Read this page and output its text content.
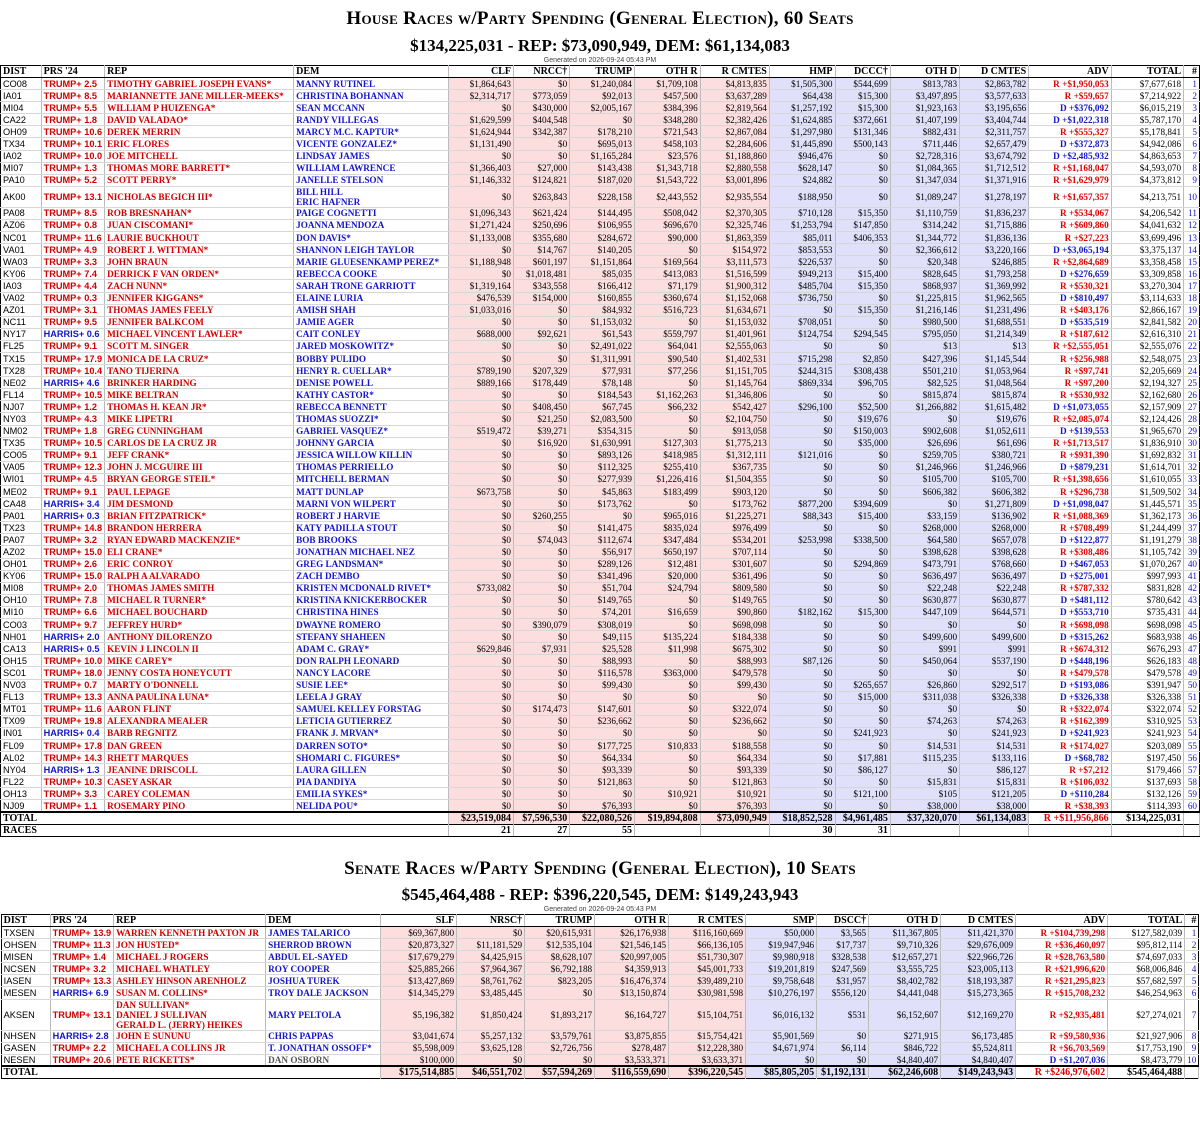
House Races w/Party Spending (General Election), 60 Seats
$134,225,031 - REP: $73,090,949, DEM: $61,134,083
Generated on 2026-09-24 05:43 PM
DIST	PRS '24	REP	DEM	CLF	NRCC†	TRUMP	OTH R	R CMTES	HMP	DCCC†	OTH D	D CMTES	ADV	TOTAL	#
CO08	TRUMP+ 2.5	TIMOTHY GABRIEL JOSEPH EVANS*	MANNY RUTINEL	$1,864,643	$0	$1,240,084	$1,709,108	$4,813,835	$1,505,300	$544,699	$813,783	$2,863,782	R +$1,950,053	$7,677,618	1
IA01	TRUMP+ 8.5	MARIANNETTE JANE MILLER-MEEKS*	CHRISTINA BOHANNAN	$2,314,717	$773,059	$92,013	$457,500	$3,637,289	$64,438	$15,300	$3,497,895	$3,577,633	R +$59,657	$7,214,922	2
MI04	TRUMP+ 5.5	WILLIAM P HUIZENGA*	SEAN MCCANN	$0	$430,000	$2,005,167	$384,396	$2,819,564	$1,257,192	$15,300	$1,923,163	$3,195,656	D +$376,092	$6,015,219	3
CA22	TRUMP+ 1.8	DAVID VALADAO*	RANDY VILLEGAS	$1,629,599	$404,548	$0	$348,280	$2,382,426	$1,624,885	$372,661	$1,407,199	$3,404,744	D +$1,022,318	$5,787,170	4
OH09	TRUMP+ 10.6	DEREK MERRIN	MARCY M.C. KAPTUR*	$1,624,944	$342,387	$178,210	$721,543	$2,867,084	$1,297,980	$131,346	$882,431	$2,311,757	R +$555,327	$5,178,841	5
TX34	TRUMP+ 10.1	ERIC FLORES	VICENTE GONZALEZ*	$1,131,490	$0	$695,013	$458,103	$2,284,606	$1,445,890	$500,143	$711,446	$2,657,479	D +$372,873	$4,942,086	6
IA02	TRUMP+ 10.0	JOE MITCHELL	LINDSAY JAMES	$0	$0	$1,165,284	$23,576	$1,188,860	$946,476	$0	$2,728,316	$3,674,792	D +$2,485,932	$4,863,653	7
MI07	TRUMP+ 1.3	THOMAS MORE BARRETT*	WILLIAM LAWRENCE	$1,366,403	$27,000	$143,438	$1,343,718	$2,880,558	$628,147	$0	$1,084,365	$1,712,512	R +$1,168,047	$4,593,070	8
PA10	TRUMP+ 5.2	SCOTT PERRY*	JANELLE STELSON	$1,146,332	$124,821	$187,020	$1,543,722	$3,001,896	$24,882	$0	$1,347,034	$1,371,916	R +$1,629,979	$4,373,812	9
AK00	TRUMP+ 13.1	NICHOLAS BEGICH III*	BILL HILL
ERIC HAFNER	$0	$263,843	$228,158	$2,443,552	$2,935,554	$188,950	$0	$1,089,247	$1,278,197	R +$1,657,357	$4,213,751	10
PA08	TRUMP+ 8.5	ROB BRESNAHAN*	PAIGE COGNETTI	$1,096,343	$621,424	$144,495	$508,042	$2,370,305	$710,128	$15,350	$1,110,759	$1,836,237	R +$534,067	$4,206,542	11
AZ06	TRUMP+ 0.8	JUAN CISCOMANI*	JOANNA MENDOZA	$1,271,424	$250,696	$106,955	$696,670	$2,325,746	$1,253,794	$147,850	$314,242	$1,715,886	R +$609,860	$4,041,632	12
NC01	TRUMP+ 11.6	LAURIE BUCKHOUT	DON DAVIS*	$1,133,008	$355,680	$284,672	$90,000	$1,863,359	$85,011	$406,353	$1,344,772	$1,836,136	R +$27,223	$3,699,496	13
VA01	TRUMP+ 4.9	ROBERT J. WITTMAN*	SHANNON LEIGH TAYLOR	$0	$14,767	$140,205	$0	$154,972	$853,553	$0	$2,366,612	$3,220,166	D +$3,065,194	$3,375,137	14
WA03	TRUMP+ 3.3	JOHN BRAUN	MARIE GLUESENKAMP PEREZ*	$1,188,948	$601,197	$1,151,864	$169,564	$3,111,573	$226,537	$0	$20,348	$246,885	R +$2,864,689	$3,358,458	15
KY06	TRUMP+ 7.4	DERRICK F VAN ORDEN*	REBECCA COOKE	$0	$1,018,481	$85,035	$413,083	$1,516,599	$949,213	$15,400	$828,645	$1,793,258	D +$276,659	$3,309,858	16
IA03	TRUMP+ 4.4	ZACH NUNN*	SARAH TRONE GARRIOTT	$1,319,164	$343,558	$166,412	$71,179	$1,900,312	$485,704	$15,350	$868,937	$1,369,992	R +$530,321	$3,270,304	17
VA02	TRUMP+ 0.3	JENNIFER KIGGANS*	ELAINE LURIA	$476,539	$154,000	$160,855	$360,674	$1,152,068	$736,750	$0	$1,225,815	$1,962,565	D +$810,497	$3,114,633	18
AZ01	TRUMP+ 3.1	THOMAS JAMES FEELY	AMISH SHAH	$1,033,016	$0	$84,932	$516,723	$1,634,671	$0	$15,350	$1,216,146	$1,231,496	R +$403,176	$2,866,167	19
NC11	TRUMP+ 9.5	JENNIFER BALKCOM	JAMIE AGER	$0	$0	$1,153,032	$0	$1,153,032	$708,051	$0	$980,500	$1,688,551	D +$535,519	$2,841,582	20
NY17	HARRIS+ 0.6	MICHAEL VINCENT LAWLER*	CAIT CONLEY	$688,000	$92,621	$61,543	$559,797	$1,401,961	$124,754	$294,545	$795,050	$1,214,349	R +$187,612	$2,616,310	21
FL25	TRUMP+ 9.1	SCOTT M. SINGER	JARED MOSKOWITZ*	$0	$0	$2,491,022	$64,041	$2,555,063	$0	$0	$13	$13	R +$2,555,051	$2,555,076	22
TX15	TRUMP+ 17.9	MONICA DE LA CRUZ*	BOBBY PULIDO	$0	$0	$1,311,991	$90,540	$1,402,531	$715,298	$2,850	$427,396	$1,145,544	R +$256,988	$2,548,075	23
TX28	TRUMP+ 10.4	TANO TIJERINA	HENRY R. CUELLAR*	$789,190	$207,329	$77,931	$77,256	$1,151,705	$244,315	$308,438	$501,210	$1,053,964	R +$97,741	$2,205,669	24
NE02	HARRIS+ 4.6	BRINKER HARDING	DENISE POWELL	$889,166	$178,449	$78,148	$0	$1,145,764	$869,334	$96,705	$82,525	$1,048,564	R +$97,200	$2,194,327	25
FL14	TRUMP+ 10.5	MIKE BELTRAN	KATHY CASTOR*	$0	$0	$184,543	$1,162,263	$1,346,806	$0	$0	$815,874	$815,874	R +$530,932	$2,162,680	26
NJ07	TRUMP+ 1.2	THOMAS H. KEAN JR*	REBECCA BENNETT	$0	$408,450	$67,745	$66,232	$542,427	$296,100	$52,500	$1,266,882	$1,615,482	D +$1,073,055	$2,157,909	27
NY03	TRUMP+ 4.3	MIKE LIPETRI	THOMAS SUOZZI*	$0	$21,250	$2,083,500	$0	$2,104,750	$0	$19,676	$0	$19,676	R +$2,085,074	$2,124,426	28
NM02	TRUMP+ 1.8	GREG CUNNINGHAM	GABRIEL VASQUEZ*	$519,472	$39,271	$354,315	$0	$913,058	$0	$150,003	$902,608	$1,052,611	D +$139,553	$1,965,670	29
TX35	TRUMP+ 10.5	CARLOS DE LA CRUZ JR	JOHNNY GARCIA	$0	$16,920	$1,630,991	$127,303	$1,775,213	$0	$35,000	$26,696	$61,696	R +$1,713,517	$1,836,910	30
CO05	TRUMP+ 9.1	JEFF CRANK*	JESSICA WILLOW KILLIN	$0	$0	$893,126	$418,985	$1,312,111	$121,016	$0	$259,705	$380,721	R +$931,390	$1,692,832	31
VA05	TRUMP+ 12.3	JOHN J. MCGUIRE III	THOMAS PERRIELLO	$0	$0	$112,325	$255,410	$367,735	$0	$0	$1,246,966	$1,246,966	D +$879,231	$1,614,701	32
WI01	TRUMP+ 4.5	BRYAN GEORGE STEIL*	MITCHELL BERMAN	$0	$0	$277,939	$1,226,416	$1,504,355	$0	$0	$105,700	$105,700	R +$1,398,656	$1,610,055	33
ME02	TRUMP+ 9.1	PAUL LEPAGE	MATT DUNLAP	$673,758	$0	$45,863	$183,499	$903,120	$0	$0	$606,382	$606,382	R +$296,738	$1,509,502	34
CA48	HARRIS+ 3.4	JIM DESMOND	MARNI VON WILPERT	$0	$0	$173,762	$0	$173,762	$877,200	$394,609	$0	$1,271,809	D +$1,098,047	$1,445,571	35
PA01	HARRIS+ 0.3	BRIAN FITZPATRICK*	ROBERT J HARVIE	$0	$260,255	$0	$965,016	$1,225,271	$88,343	$15,400	$33,159	$136,902	R +$1,088,369	$1,362,173	36
TX23	TRUMP+ 14.8	BRANDON HERRERA	KATY PADILLA STOUT	$0	$0	$141,475	$835,024	$976,499	$0	$0	$268,000	$268,000	R +$708,499	$1,244,499	37
PA07	TRUMP+ 3.2	RYAN EDWARD MACKENZIE*	BOB BROOKS	$0	$74,043	$112,674	$347,484	$534,201	$253,998	$338,500	$64,580	$657,078	D +$122,877	$1,191,279	38
AZ02	TRUMP+ 15.0	ELI CRANE*	JONATHAN MICHAEL NEZ	$0	$0	$56,917	$650,197	$707,114	$0	$0	$398,628	$398,628	R +$308,486	$1,105,742	39
OH01	TRUMP+ 2.6	ERIC CONROY	GREG LANDSMAN*	$0	$0	$289,126	$12,481	$301,607	$0	$294,869	$473,791	$768,660	D +$467,053	$1,070,267	40
KY06	TRUMP+ 15.0	RALPH A ALVARADO	ZACH DEMBO	$0	$0	$341,496	$20,000	$361,496	$0	$0	$636,497	$636,497	D +$275,001	$997,993	41
MI08	TRUMP+ 2.0	THOMAS JAMES SMITH	KRISTEN MCDONALD RIVET*	$733,082	$0	$51,704	$24,794	$809,580	$0	$0	$22,248	$22,248	R +$787,332	$831,828	42
OH10	TRUMP+ 7.8	MICHAEL R TURNER*	KRISTINA KNICKERBOCKER	$0	$0	$149,765	$0	$149,765	$0	$0	$630,877	$630,877	D +$481,112	$780,642	43
MI10	TRUMP+ 6.6	MICHAEL BOUCHARD	CHRISTINA HINES	$0	$0	$74,201	$16,659	$90,860	$182,162	$15,300	$447,109	$644,571	D +$553,710	$735,431	44
CO03	TRUMP+ 9.7	JEFFREY HURD*	DWAYNE ROMERO	$0	$390,079	$308,019	$0	$698,098	$0	$0	$0	$0	R +$698,098	$698,098	45
NH01	HARRIS+ 2.0	ANTHONY DILORENZO	STEFANY SHAHEEN	$0	$0	$49,115	$135,224	$184,338	$0	$0	$499,600	$499,600	D +$315,262	$683,938	46
CA13	HARRIS+ 0.5	KEVIN J LINCOLN II	ADAM C. GRAY*	$629,846	$7,931	$25,528	$11,998	$675,302	$0	$0	$991	$991	R +$674,312	$676,293	47
OH15	TRUMP+ 10.0	MIKE CAREY*	DON RALPH LEONARD	$0	$0	$88,993	$0	$88,993	$87,126	$0	$450,064	$537,190	D +$448,196	$626,183	48
SC01	TRUMP+ 18.0	JENNY COSTA HONEYCUTT	NANCY LACORE	$0	$0	$116,578	$363,000	$479,578	$0	$0	$0	$0	R +$479,578	$479,578	49
NV03	TRUMP+ 0.7	MARTY O'DONNELL	SUSIE LEE*	$0	$0	$99,430	$0	$99,430	$0	$265,657	$26,860	$292,517	D +$193,086	$391,947	50
FL13	TRUMP+ 13.3	ANNA PAULINA LUNA*	LEELA J GRAY	$0	$0	$0	$0	$0	$0	$15,000	$311,038	$326,338	D +$326,338	$326,338	51
MT01	TRUMP+ 11.6	AARON FLINT	SAMUEL KELLEY FORSTAG	$0	$174,473	$147,601	$0	$322,074	$0	$0	$0	$0	R +$322,074	$322,074	52
TX09	TRUMP+ 19.8	ALEXANDRA MEALER	LETICIA GUTIERREZ	$0	$0	$236,662	$0	$236,662	$0	$0	$74,263	$74,263	R +$162,399	$310,925	53
IN01	HARRIS+ 0.4	BARB REGNITZ	FRANK J. MRVAN*	$0	$0	$0	$0	$0	$0	$241,923	$0	$241,923	D +$241,923	$241,923	54
FL09	TRUMP+ 17.8	DAN GREEN	DARREN SOTO*	$0	$0	$177,725	$10,833	$188,558	$0	$0	$14,531	$14,531	R +$174,027	$203,089	55
AL02	TRUMP+ 14.3	RHETT MARQUES	SHOMARI C. FIGURES*	$0	$0	$64,334	$0	$64,334	$0	$17,881	$115,235	$133,116	D +$68,782	$197,450	56
NY04	HARRIS+ 1.3	JEANINE DRISCOLL	LAURA GILLEN	$0	$0	$93,339	$0	$93,339	$0	$86,127	$0	$86,127	R +$7,212	$179,466	57
FL22	TRUMP+ 10.3	CASEY ASKAR	PIA DANDIYA	$0	$0	$121,863	$0	$121,863	$0	$0	$15,831	$15,831	R +$106,032	$137,693	58
OH13	TRUMP+ 3.3	CAREY COLEMAN	EMILIA SYKES*	$0	$0	$0	$10,921	$10,921	$0	$121,100	$105	$121,205	D +$110,284	$132,126	59
NJ09	TRUMP+ 1.1	ROSEMARY PINO	NELIDA POU*	$0	$0	$76,393	$0	$76,393	$0	$0	$38,000	$38,000	R +$38,393	$114,393	60
TOTAL				$23,519,084	$7,596,530	$22,080,526	$19,894,808	$73,090,949	$18,852,528	$4,961,485	$37,320,070	$61,134,083	R +$11,956,866	$134,225,031	
RACES				21	27	55			30	31					
Senate Races w/Party Spending (General Election), 10 Seats
$545,464,488 - REP: $396,220,545, DEM: $149,243,943
Generated on 2026-09-24 05:43 PM
DIST	PRS '24	REP	DEM	SLF	NRSC†	TRUMP	OTH R	R CMTES	SMP	DSCC†	OTH D	D CMTES	ADV	TOTAL	#
TXSEN	TRUMP+ 13.9	WARREN KENNETH PAXTON JR	JAMES TALARICO	$69,367,800	$0	$20,615,931	$26,176,938	$116,160,669	$50,000	$3,565	$11,367,805	$11,421,370	R +$104,739,298	$127,582,039	1
OHSEN	TRUMP+ 11.3	JON HUSTED*	SHERROD BROWN	$20,873,327	$11,181,529	$12,535,104	$21,546,145	$66,136,105	$19,947,946	$17,737	$9,710,326	$29,676,009	R +$36,460,097	$95,812,114	2
MISEN	TRUMP+ 1.4	MICHAEL J ROGERS	ABDUL EL-SAYED	$17,679,279	$4,425,915	$8,628,107	$20,997,005	$51,730,307	$9,980,918	$328,538	$12,657,271	$22,966,726	R +$28,763,580	$74,697,033	3
NCSEN	TRUMP+ 3.2	MICHAEL WHATLEY	ROY COOPER	$25,885,266	$7,964,367	$6,792,188	$4,359,913	$45,001,733	$19,201,819	$247,569	$3,555,725	$23,005,113	R +$21,996,620	$68,006,846	4
IASEN	TRUMP+ 13.3	ASHLEY HINSON ARENHOLZ	JOSHUA TUREK	$13,427,869	$8,761,762	$823,205	$16,476,374	$39,489,210	$9,758,648	$31,957	$8,402,782	$18,193,387	R +$21,295,823	$57,682,597	5
MESEN	HARRIS+ 6.9	SUSAN M. COLLINS*	TROY DALE JACKSON	$14,345,279	$3,485,445	$0	$13,150,874	$30,981,598	$10,276,197	$556,120	$4,441,048	$15,273,365	R +$15,708,232	$46,254,963	6
AKSEN	TRUMP+ 13.1	DAN SULLIVAN*
DANIEL J SULLIVAN
GERALD L. (JERRY) HEIKES	MARY PELTOLA	$5,196,382	$1,850,424	$1,893,217	$6,164,727	$15,104,751	$6,016,132	$531	$6,152,607	$12,169,270	R +$2,935,481	$27,274,021	7
NHSEN	HARRIS+ 2.8	JOHN E SUNUNU	CHRIS PAPPAS	$3,041,674	$5,257,132	$3,579,761	$3,875,855	$15,754,421	$5,901,569	$0	$271,915	$6,173,485	R +$9,580,936	$21,927,906	8
GASEN	TRUMP+ 2.2	MICHAEL A COLLINS JR	T. JONATHAN OSSOFF*	$5,598,009	$3,625,128	$2,726,756	$278,487	$12,228,380	$4,671,974	$6,114	$846,722	$5,524,811	R +$6,703,569	$17,753,190	9
NESEN	TRUMP+ 20.6	PETE RICKETTS*	DAN OSBORN	$100,000	$0	$0	$3,533,371	$3,633,371	$0	$0	$4,840,407	$4,840,407	D +$1,207,036	$8,473,779	10
TOTAL				$175,514,885	$46,551,702	$57,594,269	$116,559,690	$396,220,545	$85,805,205	$1,192,131	$62,246,608	$149,243,943	R +$246,976,602	$545,464,488	
